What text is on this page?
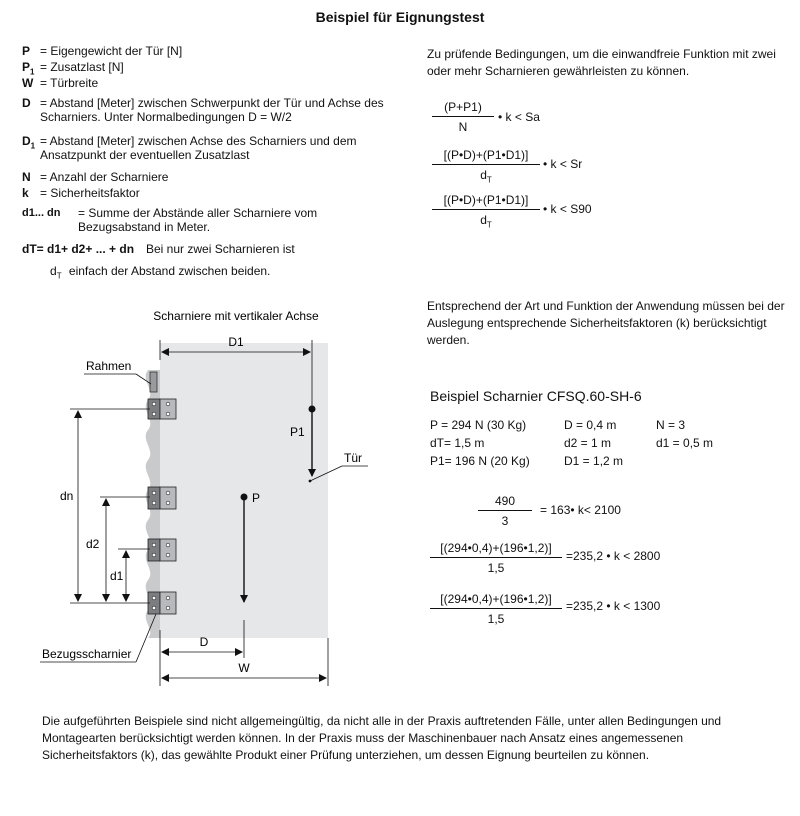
Beispiel für Eignungstest
P = Eigengewicht der Tür [N]
$P_1$ = Zusatzlast [N]
W = Türbreite
D = Abstand [Meter] zwischen Schwerpunkt der Tür und Achse des Scharniers. Unter Normalbedingungen D = W/2
$D_1 = Abstand$ [Meter] zwischen Achse des Scharniers und dem Ansatzpunkt der eventuellen Zusatzlast
N = Anzahl der Scharniere
k = Sicherheitsfaktor
d1... dn = Summe der Abstände aller Scharniere vom Bezugsabstand in Meter.
dT= d1+ d2+ ... + dn Bei nur zwei Scharnieren ist
$d_T$ einfach der Abstand zwischen beiden.
Zu prüfende Bedingungen, um die einwandfreie Funktion mit zwei oder mehr Scharnieren gewährleisten zu können.
(P+P1)
N
• k < Sa
[(P•D)+(P1•D1)]
$d_T$
• k < Sr
[(P•D)+(P1•D1)]
$d_T$
• k < S90
Scharniere mit vertikaler Achse
Rahmen
D1
P1
Tür
P
dn
d2
d1
Bezugsscharnier
D
W
Entsprechend der Art und Funktion der Anwendung müssen bei der Auslegung entsprechende Sicherheitsfaktoren (k) berücksichtigt werden.
Beispiel Scharnier CFSQ.60-SH-6
P = 294 N (30 Kg)	D = 0,4 m	N = 3
dT= 1,5 m	d2 = 1 m	d1 = 0,5 m
P1= 196 N (20 Kg)	D1 = 1,2 m
490
3
= 163• k< 2100
[(294•0,4)+(196•1,2)]
1,5
=235,2 • k < 2800
[(294•0,4)+(196•1,2)]
1,5
=235,2 • k < 1300
Die aufgeführten Beispiele sind nicht allgemeingültig, da nicht alle in der Praxis auftretenden Fälle, unter allen Bedingungen und Montagearten berücksichtigt werden können. In der Praxis muss der Maschinenbauer nach Ansatz eines angemessenen Sicherheitsfaktors (k), das gewählte Produkt einer Prüfung unterziehen, um dessen Eignung beurteilen zu können.
